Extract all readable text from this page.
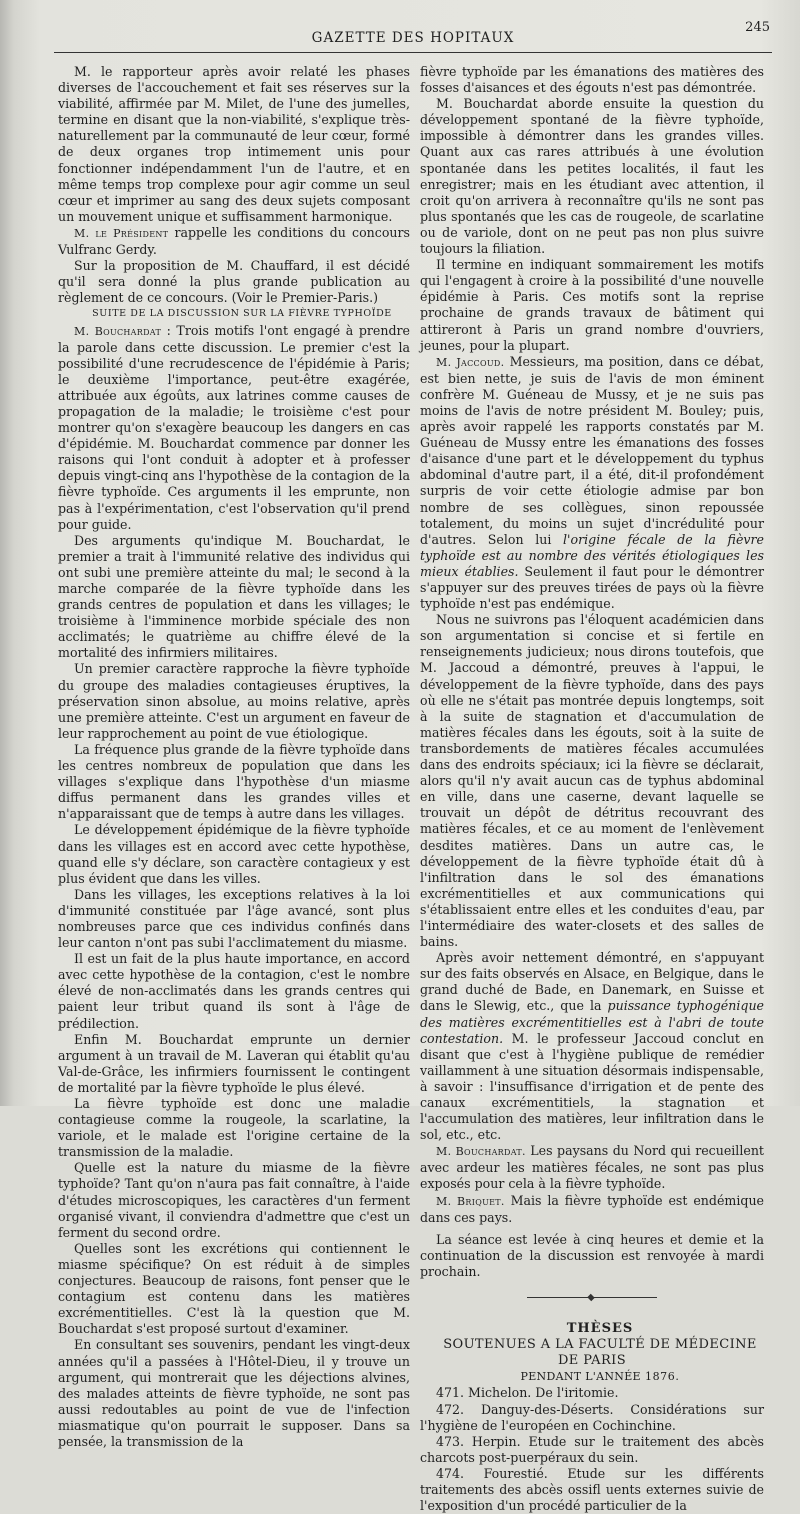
GAZETTE DES HOPITAUX
245

M. le rapporteur après avoir relaté les phases diverses de l'accouchement et fait ses réserves sur la viabilité, affirmée par M. Milet, de l'une des jumelles, termine en disant que la non-viabilité, s'explique très-naturellement par la communauté de leur cœur, formé de deux organes trop intimement unis pour fonctionner indépendamment l'un de l'autre, et en même temps trop complexe pour agir comme un seul cœur et imprimer au sang des deux sujets composant un mouvement unique et suffisamment harmonique.

M. le Président rappelle les conditions du concours Vulfranc Gerdy.

Sur la proposition de M. Chauffard, il est décidé qu'il sera donné la plus grande publication au règlement de ce concours. (Voir le Premier-Paris.)

SUITE DE LA DISCUSSION SUR LA FIÈVRE TYPHOÏDE

M. Bouchardat : Trois motifs l'ont engagé à prendre la parole dans cette discussion. Le premier c'est la possibilité d'une recrudescence de l'épidémie à Paris; le deuxième l'importance, peut-être exagérée, attribuée aux égoûts, aux latrines comme causes de propagation de la maladie; le troisième c'est pour montrer qu'on s'exagère beaucoup les dangers en cas d'épidémie. M. Bouchardat commence par donner les raisons qui l'ont conduit à adopter et à professer depuis vingt-cinq ans l'hypothèse de la contagion de la fièvre typhoïde. Ces arguments il les emprunte, non pas à l'expérimentation, c'est l'observation qu'il prend pour guide.

Des arguments qu'indique M. Bouchardat, le premier a trait à l'immunité relative des individus qui ont subi une première atteinte du mal; le second à la marche comparée de la fièvre typhoïde dans les grands centres de population et dans les villages; le troisième à l'imminence morbide spéciale des non acclimatés; le quatrième au chiffre élevé de la mortalité des infirmiers militaires.

Un premier caractère rapproche la fièvre typhoïde du groupe des maladies contagieuses éruptives, la préservation sinon absolue, au moins relative, après une première atteinte. C'est un argument en faveur de leur rapprochement au point de vue étiologique.

La fréquence plus grande de la fièvre typhoïde dans les centres nombreux de population que dans les villages s'explique dans l'hypothèse d'un miasme diffus permanent dans les grandes villes et n'apparaissant que de temps à autre dans les villages.

Le développement épidémique de la fièvre typhoïde dans les villages est en accord avec cette hypothèse, quand elle s'y déclare, son caractère contagieux y est plus évident que dans les villes.

Dans les villages, les exceptions relatives à la loi d'immunité constituée par l'âge avancé, sont plus nombreuses parce que ces individus confinés dans leur canton n'ont pas subi l'acclimatement du miasme.

Il est un fait de la plus haute importance, en accord avec cette hypothèse de la contagion, c'est le nombre élevé de non-acclimatés dans les grands centres qui paient leur tribut quand ils sont à l'âge de prédilection.

Enfin M. Bouchardat emprunte un dernier argument à un travail de M. Laveran qui établit qu'au Val-de-Grâce, les infirmiers fournissent le contingent de mortalité par la fièvre typhoïde le plus élevé.

La fièvre typhoïde est donc une maladie contagieuse comme la rougeole, la scarlatine, la variole, et le malade est l'origine certaine de la transmission de la maladie.

Quelle est la nature du miasme de la fièvre typhoïde? Tant qu'on n'aura pas fait connaître, à l'aide d'études microscopiques, les caractères d'un ferment organisé vivant, il conviendra d'admettre que c'est un ferment du second ordre.

Quelles sont les excrétions qui contiennent le miasme spécifique? On est réduit à de simples conjectures. Beaucoup de raisons, font penser que le contagium est contenu dans les matières excrémentitielles. C'est là la question que M. Bouchardat s'est proposé surtout d'examiner.

En consultant ses souvenirs, pendant les vingt-deux années qu'il a passées à l'Hôtel-Dieu, il y trouve un argument, qui montrerait que les déjections alvines, des malades atteints de fièvre typhoïde, ne sont pas aussi redoutables au point de vue de l'infection miasmatique qu'on pourrait le supposer. Dans sa pensée, la transmission de la

fièvre typhoïde par les émanations des matières des fosses d'aisances et des égouts n'est pas démontrée.

M. Bouchardat aborde ensuite la question du développement spontané de la fièvre typhoïde, impossible à démontrer dans les grandes villes. Quant aux cas rares attribués à une évolution spontanée dans les petites localités, il faut les enregistrer; mais en les étudiant avec attention, il croit qu'on arrivera à reconnaître qu'ils ne sont pas plus spontanés que les cas de rougeole, de scarlatine ou de variole, dont on ne peut pas non plus suivre toujours la filiation.

Il termine en indiquant sommairement les motifs qui l'engagent à croire à la possibilité d'une nouvelle épidémie à Paris. Ces motifs sont la reprise prochaine de grands travaux de bâtiment qui attireront à Paris un grand nombre d'ouvriers, jeunes, pour la plupart.

M. Jaccoud. Messieurs, ma position, dans ce débat, est bien nette, je suis de l'avis de mon éminent confrère M. Guéneau de Mussy, et je ne suis pas moins de l'avis de notre président M. Bouley; puis, après avoir rappelé les rapports constatés par M. Guéneau de Mussy entre les émanations des fosses d'aisance d'une part et le développement du typhus abdominal d'autre part, il a été, dit-il profondément surpris de voir cette étiologie admise par bon nombre de ses collègues, sinon repoussée totalement, du moins un sujet d'incrédulité pour d'autres. Selon lui l'origine fécale de la fièvre typhoïde est au nombre des vérités étiologiques les mieux établies. Seulement il faut pour le démontrer s'appuyer sur des preuves tirées de pays où la fièvre typhoïde n'est pas endémique.

Nous ne suivrons pas l'éloquent académicien dans son argumentation si concise et si fertile en renseignements judicieux; nous dirons toutefois, que M. Jaccoud a démontré, preuves à l'appui, le développement de la fièvre typhoïde, dans des pays où elle ne s'était pas montrée depuis longtemps, soit à la suite de stagnation et d'accumulation de matières fécales dans les égouts, soit à la suite de transbordements de matières fécales accumulées dans des endroits spéciaux; ici la fièvre se déclarait, alors qu'il n'y avait aucun cas de typhus abdominal en ville, dans une caserne, devant laquelle se trouvait un dépôt de détritus recouvrant des matières fécales, et ce au moment de l'enlèvement desdites matières. Dans un autre cas, le développement de la fièvre typhoïde était dû à l'infiltration dans le sol des émanations excrémentitielles et aux communications qui s'établissaient entre elles et les conduites d'eau, par l'intermédiaire des water-closets et des salles de bains.

Après avoir nettement démontré, en s'appuyant sur des faits observés en Alsace, en Belgique, dans le grand duché de Bade, en Danemark, en Suisse et dans le Slewig, etc., que la puissance typhogénique des matières excrémentitielles est à l'abri de toute contestation. M. le professeur Jaccoud conclut en disant que c'est à l'hygiène publique de remédier vaillamment à une situation désormais indispensable, à savoir : l'insuffisance d'irrigation et de pente des canaux excrémentitiels, la stagnation et l'accumulation des matières, leur infiltration dans le sol, etc., etc.

M. Bouchardat. Les paysans du Nord qui recueillent avec ardeur les matières fécales, ne sont pas plus exposés pour cela à la fièvre typhoïde.

M. Briquet. Mais la fièvre typhoïde est endémique dans ces pays.

La séance est levée à cinq heures et demie et la continuation de la discussion est renvoyée à mardi prochain.

THÈSES

SOUTENUES A LA FACULTÉ DE MÉDECINE DE PARIS

PENDANT L'ANNÉE 1876.

471. Michelon. De l'iritomie.

472. Danguy-des-Déserts. Considérations sur l'hygiène de l'européen en Cochinchine.

473. Herpin. Etude sur le traitement des abcès charcots post-puerpéraux du sein.

474. Fourestié. Etude sur les différents traitements des abcès ossifl uents externes suivie de l'exposition d'un procédé particulier de la
